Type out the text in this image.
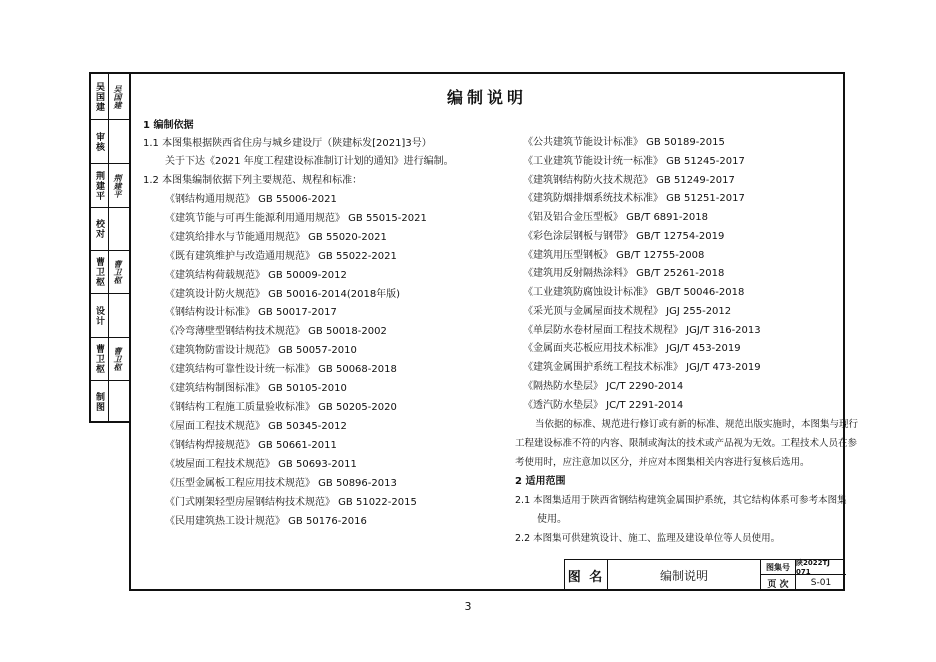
吴国建	吴国建
审核
荆建平	荆建平
校对
曹卫枢	曹卫枢
设计
曹卫枢	曹卫枢
制图
编制说明
1 编制依据
1.1 本图集根据陕西省住房与城乡建设厅（陕建标发[2021]3号）
关于下达《2021 年度工程建设标准制订计划的通知》进行编制。
1.2 本图集编制依据下列主要规范、规程和标准：
《钢结构通用规范》 GB 55006-2021
《建筑节能与可再生能源利用通用规范》 GB 55015-2021
《建筑给排水与节能通用规范》 GB 55020-2021
《既有建筑维护与改造通用规范》 GB 55022-2021
《建筑结构荷载规范》 GB 50009-2012
《建筑设计防火规范》 GB 50016-2014(2018年版)
《钢结构设计标准》 GB 50017-2017
《冷弯薄壁型钢结构技术规范》 GB 50018-2002
《建筑物防雷设计规范》 GB 50057-2010
《建筑结构可靠性设计统一标准》 GB 50068-2018
《建筑结构制图标准》 GB 50105-2010
《钢结构工程施工质量验收标准》 GB 50205-2020
《屋面工程技术规范》 GB 50345-2012
《钢结构焊接规范》 GB 50661-2011
《坡屋面工程技术规范》 GB 50693-2011
《压型金属板工程应用技术规范》 GB 50896-2013
《门式刚架轻型房屋钢结构技术规范》 GB 51022-2015
《民用建筑热工设计规范》 GB 50176-2016
《公共建筑节能设计标准》 GB 50189-2015
《工业建筑节能设计统一标准》 GB 51245-2017
《建筑钢结构防火技术规范》 GB 51249-2017
《建筑防烟排烟系统技术标准》 GB 51251-2017
《铝及铝合金压型板》 GB/T 6891-2018
《彩色涂层钢板与钢带》 GB/T 12754-2019
《建筑用压型钢板》 GB/T 12755-2008
《建筑用反射隔热涂料》 GB/T 25261-2018
《工业建筑防腐蚀设计标准》 GB/T 50046-2018
《采光顶与金属屋面技术规程》 JGJ 255-2012
《单层防水卷材屋面工程技术规程》 JGJ/T 316-2013
《金属面夹芯板应用技术标准》 JGJ/T 453-2019
《建筑金属围护系统工程技术标准》 JGJ/T 473-2019
《隔热防水垫层》 JC/T 2290-2014
《透汽防水垫层》 JC/T 2291-2014
当依据的标准、规范进行修订或有新的标准、规范出版实施时，本图集与现行
工程建设标准不符的内容、限制或淘汰的技术或产品视为无效。工程技术人员在参
考使用时，应注意加以区分，并应对本图集相关内容进行复核后选用。
2 适用范围
2.1 本图集适用于陕西省钢结构建筑金属围护系统，其它结构体系可参考本图集
使用。
2.2 本图集可供建筑设计、施工、监理及建设单位等人员使用。
图 名	编制说明
图集号 陕2022TJ 071
页 次	S-01
3
